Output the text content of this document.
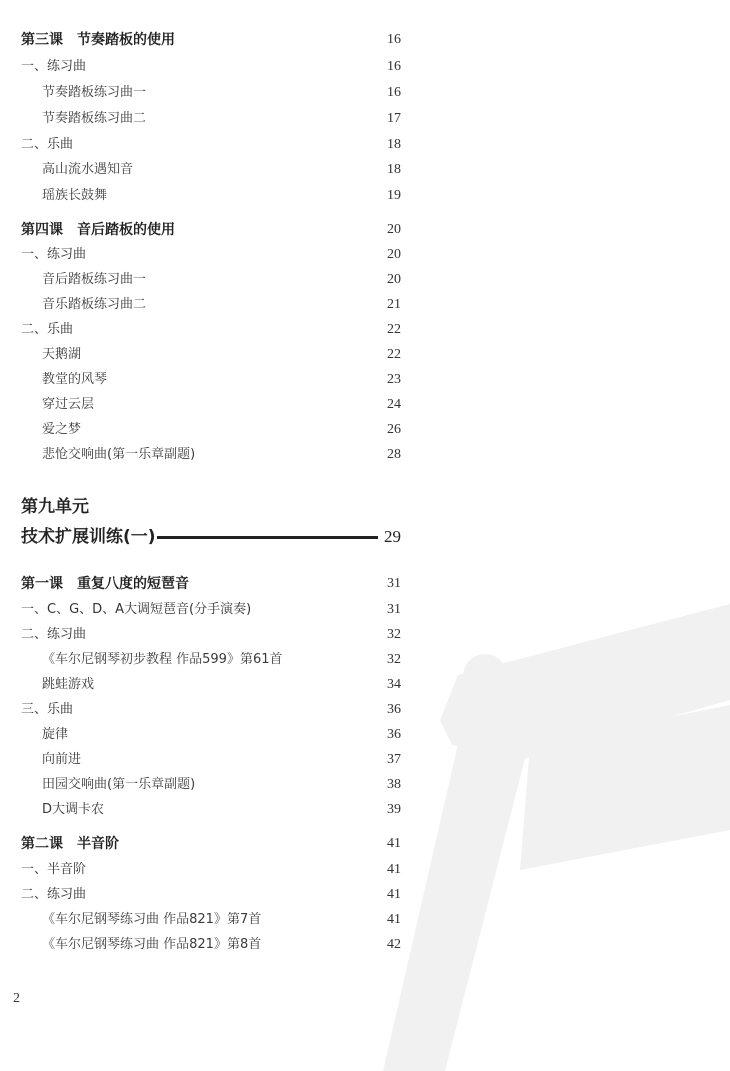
第三课　节奏踏板的使用	16
一、练习曲	16
节奏踏板练习曲一	16
节奏踏板练习曲二	17
二、乐曲	18
高山流水遇知音	18
瑶族长鼓舞	19
第四课　音后踏板的使用	20
一、练习曲	20
音后踏板练习曲一	20
音乐踏板练习曲二	21
二、乐曲	22
天鹅湖	22
教堂的风琴	23
穿过云层	24
爱之梦	26
悲怆交响曲(第一乐章副题)	28
第九单元
技术扩展训练(一)	29
第一课　重复八度的短琶音	31
一、C、G、D、A大调短琶音(分手演奏)	31
二、练习曲	32
《车尔尼钢琴初步教程 作品599》第61首	32
跳蛙游戏	34
三、乐曲	36
旋律	36
向前进	37
田园交响曲(第一乐章副题)	38
D大调卡农	39
第二课　半音阶	41
一、半音阶	41
二、练习曲	41
《车尔尼钢琴练习曲 作品821》第7首	41
《车尔尼钢琴练习曲 作品821》第8首	42
2
